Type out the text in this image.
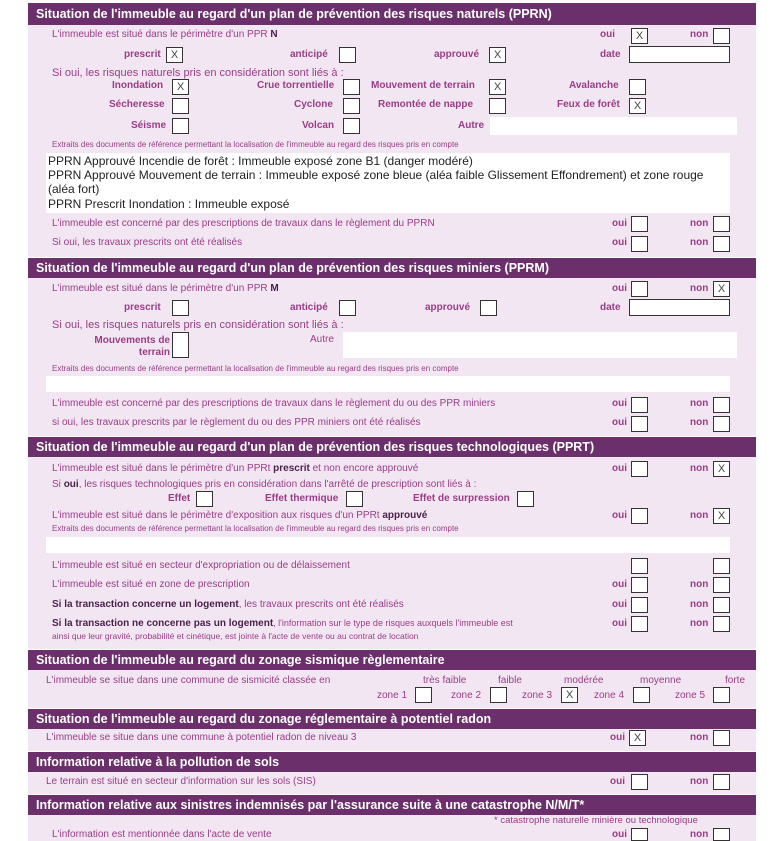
Situation de l'immeuble au regard d'un plan de prévention des risques naturels (PPRN)
L'immeuble est situé dans le périmètre d'un PPR N	oui	X	non
prescrit X	anticipé	approuvé	X	date
Si oui, les risques naturels pris en considération sont liés à :
Inondation	X	Crue torrentielle	Mouvement de terrain	X	Avalanche
Sécheresse	Cyclone	Remontée de nappe	Feux de forêt	X
Séisme	Volcan	Autre
Extraits des documents de référence permettant la localisation de l'immeuble au regard des risques pris en compte
PPRN Approuvé Incendie de forêt : Immeuble exposé zone B1 (danger modéré)
PPRN Approuvé Mouvement de terrain : Immeuble exposé zone bleue (aléa faible Glissement Effondrement) et zone rouge (aléa fort)
PPRN Prescrit Inondation : Immeuble exposé
L'immeuble est concerné par des prescriptions de travaux dans le règlement du PPRN	oui	non
Si oui, les travaux prescrits ont été réalisés	oui	non
Situation de l'immeuble au regard d'un plan de prévention des risques miniers (PPRM)
L'immeuble est situé dans le périmètre d'un PPR M	oui	non X
prescrit	anticipé	approuvé	date
Si oui, les risques naturels pris en considération sont liés à :
Mouvements de terrain
Autre
Extraits des documents de référence permettant la localisation de l'immeuble au regard des risques pris en compte
L'immeuble est concerné par des prescriptions de travaux dans le règlement du ou des PPR miniers	oui	non
si oui, les travaux prescrits par le règlement du ou des PPR miniers ont été réalisés	oui	non
Situation de l'immeuble au regard d'un plan de prévention des risques technologiques (PPRT)
L'immeuble est situé dans le périmètre d'un PPRt prescrit et non encore approuvé	oui	non X
Si oui, les risques technologiques pris en considération dans l'arrêté de prescription sont liés à :
Effet	Effet thermique	Effet de surpression
L'immeuble est situé dans le périmètre d'exposition aux risques d'un PPRt approuvé	oui	non X
Extraits des documents de référence permettant la localisation de l'immeuble au regard des risques pris en compte
L'immeuble est situé en secteur d'expropriation ou de délaissement
L'immeuble est situé en zone de prescription	oui	non
Si la transaction concerne un logement, les travaux prescrits ont été réalisés	oui	non
Si la transaction ne concerne pas un logement, l'information sur le type de risques auxquels l'immeuble est
ainsi que leur gravité, probabilité et cinétique, est jointe à l'acte de vente ou au contrat de location
oui	non
Situation de l'immeuble au regard du zonage sismique règlementaire
L'immeuble se situe dans une commune de sismicité classée en	très faible	faible	modérée	moyenne	forte
zone 1	zone 2	zone 3	X	zone 4	zone 5
Situation de l'immeuble au regard du zonage réglementaire à potentiel radon
L'immeuble se situe dans une commune à potentiel radon de niveau 3	oui X	non
Information relative à la pollution de sols
Le terrain est situé en secteur d'information sur les sols (SIS)	oui	non
Information relative aux sinistres indemnisés par l'assurance suite à une catastrophe N/M/T*
* catastrophe naturelle minière ou technologique
L'information est mentionnée dans l'acte de vente	oui	non
